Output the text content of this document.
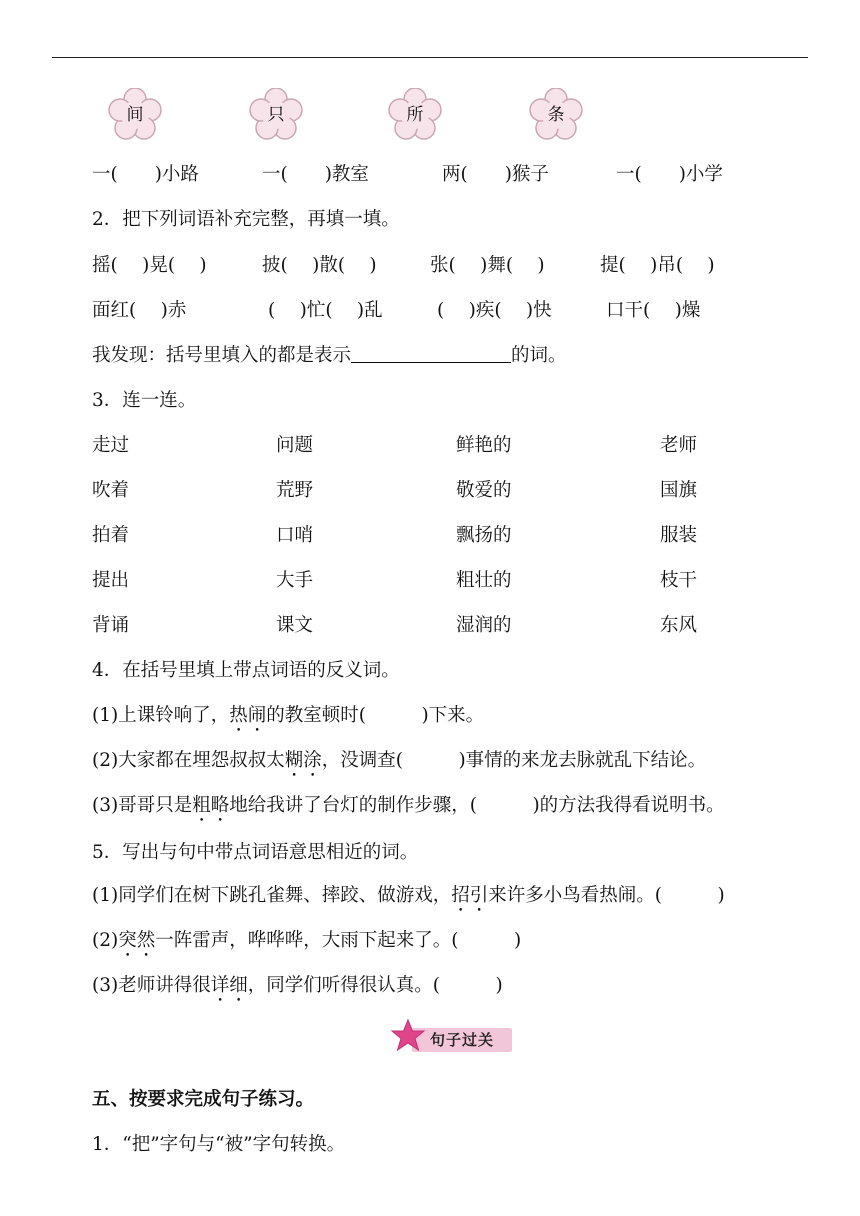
间	只	所	条
一(　　)小路	一(　　)教室	两(　　)猴子	一(　　)小学
2．把下列词语补充完整，再填一填。
摇(　 )晃(　 )	披(　 )散(　 )	张(　 )舞(　 )	提(　 )吊(　 )
面红(　 )赤	(　 )忙(　 )乱	(　 )疾(　 )快	口干(　 )燥
我发现：括号里填入的都是表示	的词。
3．连一连。
走过	问题	鲜艳的	老师
吹着	荒野	敬爱的	国旗
拍着	口哨	飘扬的	服装
提出	大手	粗壮的	枝干
背诵	课文	湿润的	东风
4．在括号里填上带点词语的反义词。
(1)上课铃响了，热闹的教室顿时(　　　)下来。
(2)大家都在埋怨叔叔太糊涂，没调查(　　　)事情的来龙去脉就乱下结论。
(3)哥哥只是粗略地给我讲了台灯的制作步骤，(　　　)的方法我得看说明书。
5．写出与句中带点词语意思相近的词。
(1)同学们在树下跳孔雀舞、摔跤、做游戏，招引来许多小鸟看热闹。(　　　)
(2)突然一阵雷声，哗哗哗，大雨下起来了。(　　　)
(3)老师讲得很详细，同学们听得很认真。(　　　)
句子过关
五、按要求完成句子练习。
1．“把”字句与“被”字句转换。
